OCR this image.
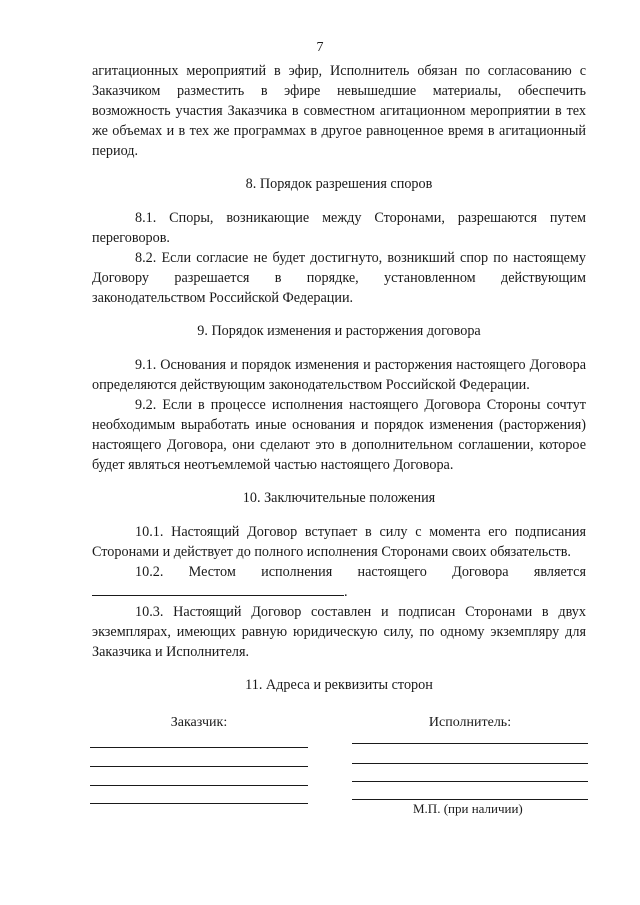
7

агитационных мероприятий в эфир, Исполнитель обязан по согласованию с Заказчиком разместить в эфире невышедшие материалы, обеспечить возможность участия Заказчика в совместном агитационном мероприятии в тех же объемах и в тех же программах в другое равноценное время в агитационный период.

8. Порядок разрешения споров

8.1. Споры, возникающие между Сторонами, разрешаются путем переговоров.

8.2. Если согласие не будет достигнуто, возникший спор по настоящему Договору разрешается в порядке, установленном действующим законодательством Российской Федерации.

9. Порядок изменения и расторжения договора

9.1. Основания и порядок изменения и расторжения настоящего Договора определяются действующим законодательством Российской Федерации.

9.2. Если в процессе исполнения настоящего Договора Стороны сочтут необходимым выработать иные основания и порядок изменения (расторжения) настоящего Договора, они сделают это в дополнительном соглашении, которое будет являться неотъемлемой частью настоящего Договора.

10. Заключительные положения

10.1. Настоящий Договор вступает в силу с момента его подписания Сторонами и действует до полного исполнения Сторонами своих обязательств.

10.2. Местом исполнения настоящего Договора является

.

10.3. Настоящий Договор составлен и подписан Сторонами в двух экземплярах, имеющих равную юридическую силу, по одному экземпляру для Заказчика и Исполнителя.

11. Адреса и реквизиты сторон

Заказчик:	Исполнитель:
М.П. (при наличии)
